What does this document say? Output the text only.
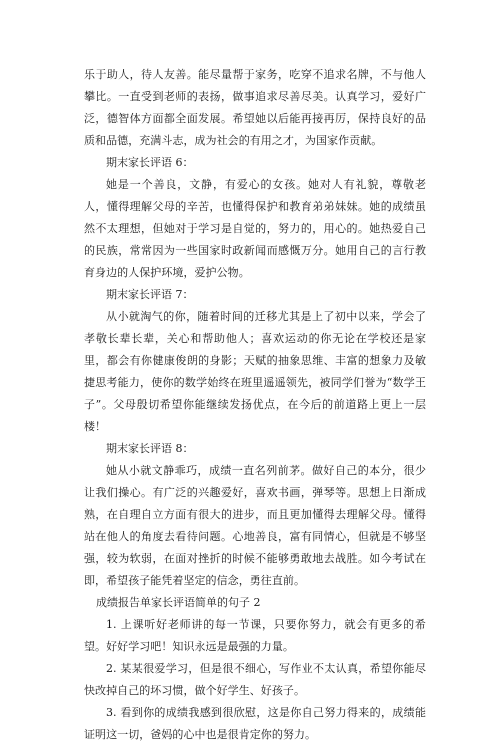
乐于助人，待人友善。能尽量帮于家务，吃穿不追求名牌，不与他人攀比。一直受到老师的表扬，做事追求尽善尽美。认真学习，爱好广泛，德智体方面都全面发展。希望她以后能再接再厉，保持良好的品质和品德，充满斗志，成为社会的有用之才，为国家作贡献。

期末家长评语 6：

她是一个善良，文静，有爱心的女孩。她对人有礼貌，尊敬老人，懂得理解父母的辛苦，也懂得保护和教育弟弟妹妹。她的成绩虽然不太理想，但她对于学习是自觉的，努力的，用心的。她热爱自己的民族，常常因为一些国家时政新闻而感慨万分。她用自己的言行教育身边的人保护环境，爱护公物。

期末家长评语 7：

从小就淘气的你，随着时间的迁移尤其是上了初中以来，学会了孝敬长辈长辈，关心和帮助他人；喜欢运动的你无论在学校还是家里，都会有你健康俊朗的身影；天赋的抽象思维、丰富的想象力及敏捷思考能力，使你的数学始终在班里遥遥领先，被同学们誉为“数学王子”。父母殷切希望你能继续发扬优点，在今后的前道路上更上一层楼！

期末家长评语 8：

她从小就文静乖巧，成绩一直名列前茅。做好自己的本分，很少让我们操心。有广泛的兴趣爱好，喜欢书画，弹琴等。思想上日渐成熟，在自理自立方面有很大的进步，而且更加懂得去理解父母。懂得站在他人的角度去看待问题。心地善良，富有同情心，但就是不够坚强，较为软弱，在面对挫折的时候不能够勇敢地去战胜。如今考试在即，希望孩子能凭着坚定的信念，勇往直前。

成绩报告单家长评语简单的句子 2

1. 上课听好老师讲的每一节课，只要你努力，就会有更多的希望。好好学习吧！知识永远是最强的力量。

2. 某某很爱学习，但是很不细心，写作业不太认真，希望你能尽快改掉自己的坏习惯，做个好学生、好孩子。

3. 看到你的成绩我感到很欣慰，这是你自己努力得来的，成绩能证明这一切，爸妈的心中也是很肯定你的努力。
